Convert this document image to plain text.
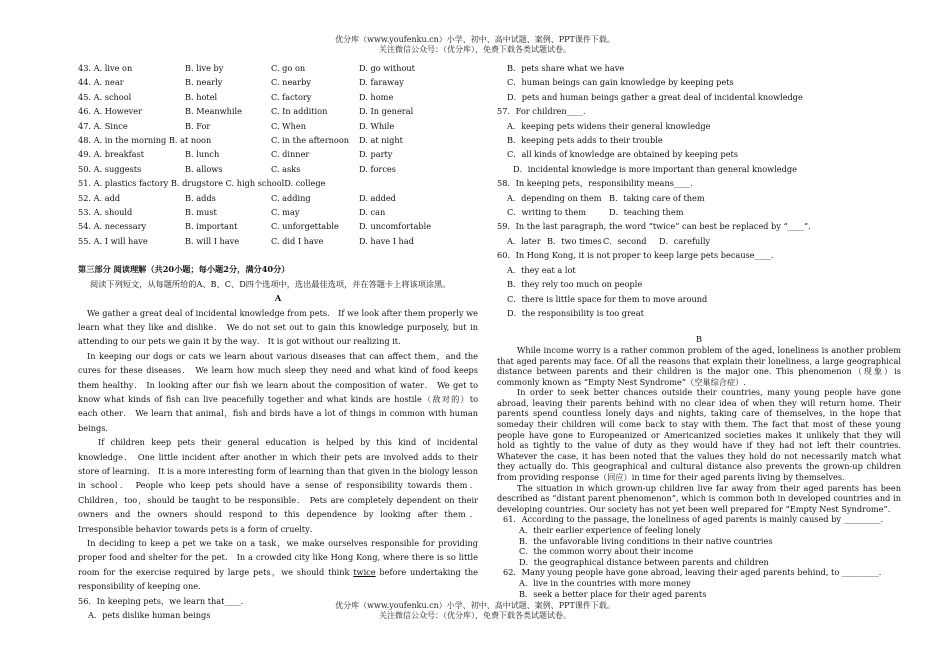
优分库（www.youfenku.cn）小学、初中、高中试题、案例、PPT课件下载。
关注微信公众号：（优分库），免费下载各类试题试卷。
43. A. live on	B. live by	C. go on	D. go without
44. A. near	B. nearly	C. nearby	D. faraway
45. A. school	B. hotel	C. factory	D. home
46. A. However	B. Meanwhile	C. In addition	D. In general
47. A. Since	B. For	C. When	D. While
48. A. in the morning B. at noon	C. in the afternoon	D. at night
49. A. breakfast	B. lunch	C. dinner	D. party
50. A. suggests	B. allows	C. asks	D. forces
51. A. plastics factory B. drugstore C. high schoolD. college
52. A. add	B. adds	C. adding	D. added
53. A. should	B. must	C. may	D. can
54. A. necessary	B. important	C. unforgettable	D. uncomfortable
55. A. I will have	B. will I have	C. did I have	D. have I had
第三部分 阅读理解（共20小题；每小题2分，满分40分）
阅读下列短文，从每题所给的A、B、C、D四个选项中，选出最佳选项，并在答题卡上将该项涂黑。
A
We gather a great deal of incidental knowledge from pets． If we look after them properly we learn what they like and dislike． We do not set out to gain this knowledge purposely, but in attending to our pets we gain it by the way． It is got without our realizing it．
In keeping our dogs or cats we learn about various diseases that can affect them，and the cures for these diseases． We learn how much sleep they need and what kind of food keeps them healthy． In looking after our fish we learn about the composition of water． We get to know what kinds of fish can live peacefully together and what kinds are hostile（敌对的）to each other． We learn that animal，fish and birds have a lot of things in common with human beings．
If children keep pets their general education is helped by this kind of incidental knowledge． One little incident after another in which their pets are involved adds to their store of learning． It is a more interesting form of learning than that given in the biology lesson in school． People who keep pets should have a sense of responsibility towards them． Children，too，should be taught to be responsible． Pets are completely dependent on their owners and the owners should respond to this dependence by looking after them． Irresponsible behavior towards pets is a form of cruelty．
In deciding to keep a pet we take on a task，we make ourselves responsible for providing proper food and shelter for the pet． In a crowded city like Hong Kong, where there is so little room for the exercise required by large pets，we should think twice before undertaking the responsibility of keeping one．
56．In keeping pets，we learn that____．
A．pets dislike human beings
B．pets share what we have
C．human beings can gain knowledge by keeping pets
D．pets and human beings gather a great deal of incidental knowledge
57．For children____．
A．keeping pets widens their general knowledge
B．keeping pets adds to their trouble
C．all kinds of knowledge are obtained by keeping pets
D．incidental knowledge is more important than general knowledge
58．In keeping pets，responsibility means____．
A．depending on them B．taking care of them
C．writing to them	D．teaching them
59．In the last paragraph, the word “twice” can best be replaced by “____”．
A．later B．two times C．second	D．carefully
60．In Hong Kong, it is not proper to keep large pets because____．
A．they eat a lot
B．they rely too much on people
C．there is little space for them to move around
D．the responsibility is too great
B
While income worry is a rather common problem of the aged, loneliness is another problem that aged parents may face. Of all the reasons that explain their loneliness, a large geographical distance between parents and their children is the major one. This phenomenon（现象）is commonly known as “Empty Nest Syndrome”（空巢综合症）.
In order to seek better chances outside their countries, many young people have gone abroad, leaving their parents behind with no clear idea of when they will return home. Their parents spend countless lonely days and nights, taking care of themselves, in the hope that someday their children will come back to stay with them. The fact that most of these young people have gone to Europeanized or Americanized societies makes it unlikely that they will hold as tightly to the value of duty as they would have if they had not left their countries. Whatever the case, it has been noted that the values they hold do not necessarily match what they actually do. This geographical and cultural distance also prevents the grown-up children from providing response（回应）in time for their aged parents living by themselves.
The situation in which grown-up children live far away from their aged parents has been described as “distant parent phenomenon”, which is common both in developed countries and in developing countries. Our society has not yet been well prepared for “Empty Nest Syndrome”.
61．According to the passage, the loneliness of aged parents is mainly caused by _________.
A．their earlier experience of feeling lonely
B．the unfavorable living conditions in their native countries
C．the common worry about their income
D．the geographical distance between parents and children
62．Many young people have gone abroad, leaving their aged parents behind, to _________.
A．live in the countries with more money
B．seek a better place for their aged parents
优分库（www.youfenku.cn）小学、初中、高中试题、案例、PPT课件下载。
关注微信公众号：（优分库），免费下载各类试题试卷。
